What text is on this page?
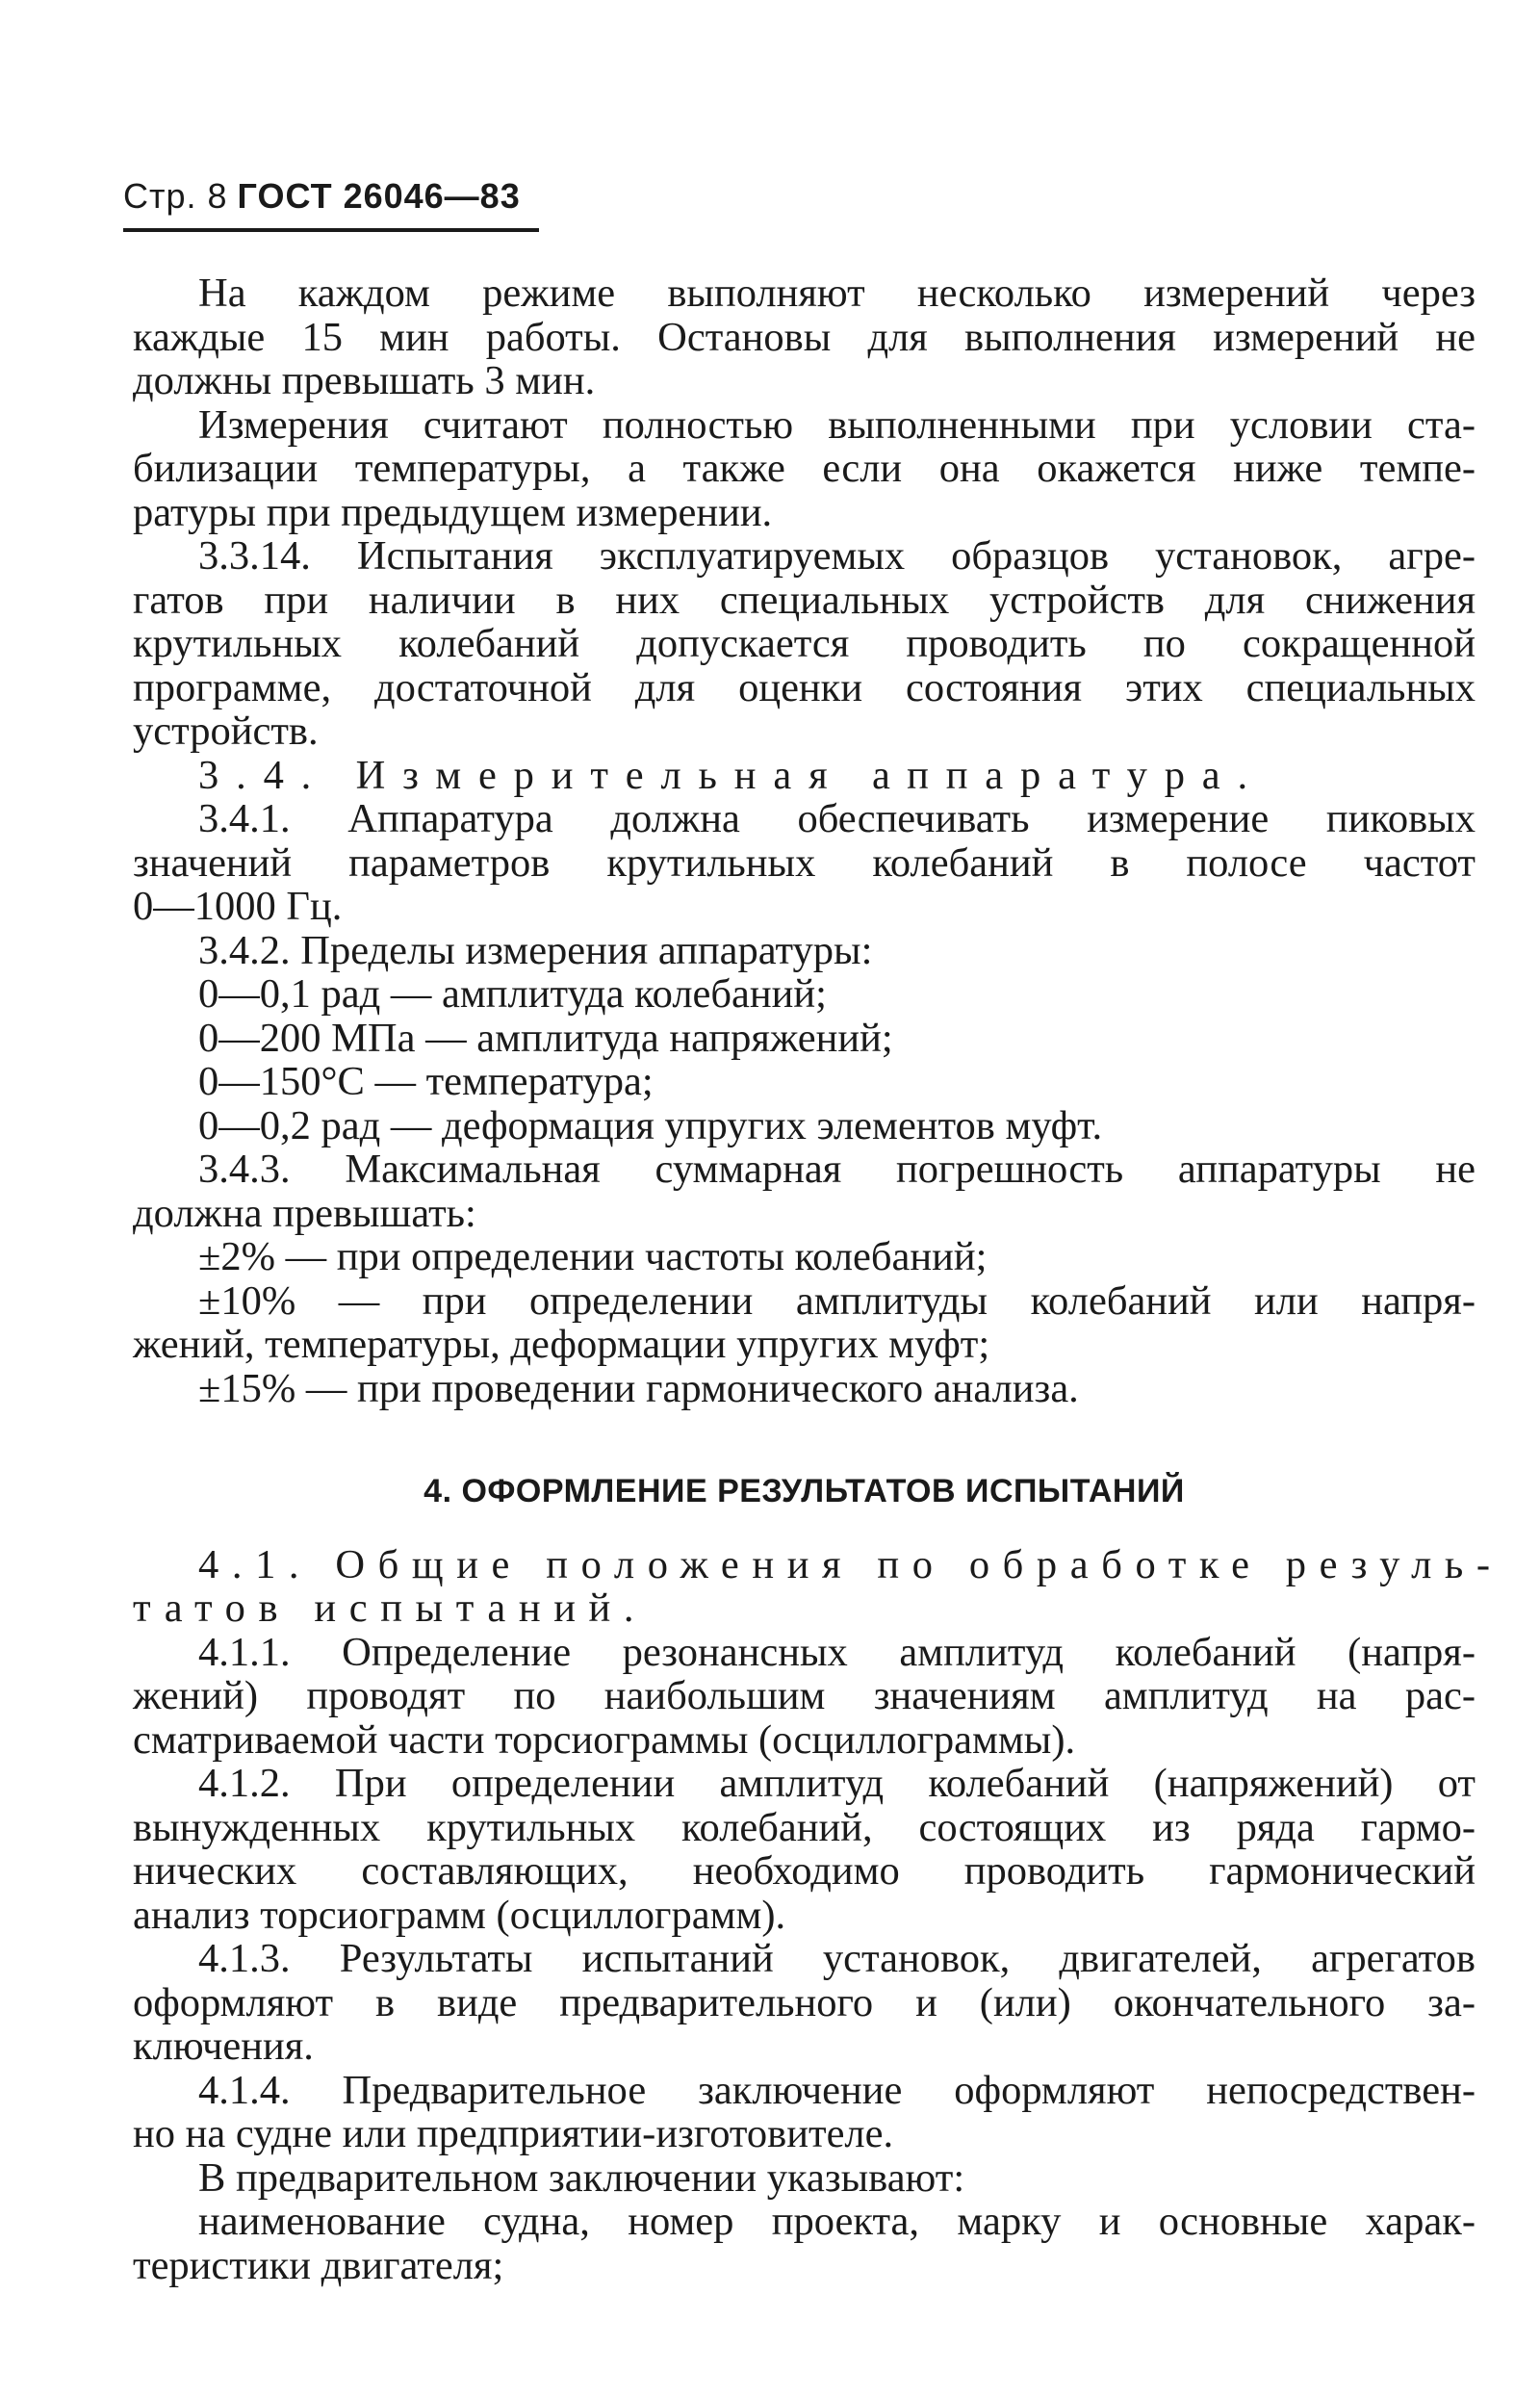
Стр. 8 ГОСТ 26046—83
На каждом режиме выполняют несколько измерений через
каждые 15 мин работы. Остановы для выполнения измерений не
должны превышать 3 мин.
Измерения считают полностью выполненными при условии ста-
билизации температуры, а также если она окажется ниже темпе-
ратуры при предыдущем измерении.
3.3.14. Испытания эксплуатируемых образцов установок, агре-
гатов при наличии в них специальных устройств для снижения
крутильных колебаний допускается проводить по сокращенной
программе, достаточной для оценки состояния этих специальных
устройств.
3.4. Измерительная аппаратура.
3.4.1. Аппаратура должна обеспечивать измерение пиковых
значений параметров крутильных колебаний в полосе частот
0—1000 Гц.
3.4.2. Пределы измерения аппаратуры:
0—0,1 рад — амплитуда колебаний;
0—200 МПа — амплитуда напряжений;
0—150°С — температура;
0—0,2 рад — деформация упругих элементов муфт.
3.4.3. Максимальная суммарная погрешность аппаратуры не
должна превышать:
±2% — при определении частоты колебаний;
±10% — при определении амплитуды колебаний или напря-
жений, температуры, деформации упругих муфт;
±15% — при проведении гармонического анализа.
4. ОФОРМЛЕНИЕ РЕЗУЛЬТАТОВ ИСПЫТАНИЙ
4.1. Общие положения по обработке резуль-
татов испытаний.
4.1.1. Определение резонансных амплитуд колебаний (напря-
жений) проводят по наибольшим значениям амплитуд на рас-
сматриваемой части торсиограммы (осциллограммы).
4.1.2. При определении амплитуд колебаний (напряжений) от
вынужденных крутильных колебаний, состоящих из ряда гармо-
нических составляющих, необходимо проводить гармонический
анализ торсиограмм (осциллограмм).
4.1.3. Результаты испытаний установок, двигателей, агрегатов
оформляют в виде предварительного и (или) окончательного за-
ключения.
4.1.4. Предварительное заключение оформляют непосредствен-
но на судне или предприятии-изготовителе.
В предварительном заключении указывают:
наименование судна, номер проекта, марку и основные харак-
теристики двигателя;
